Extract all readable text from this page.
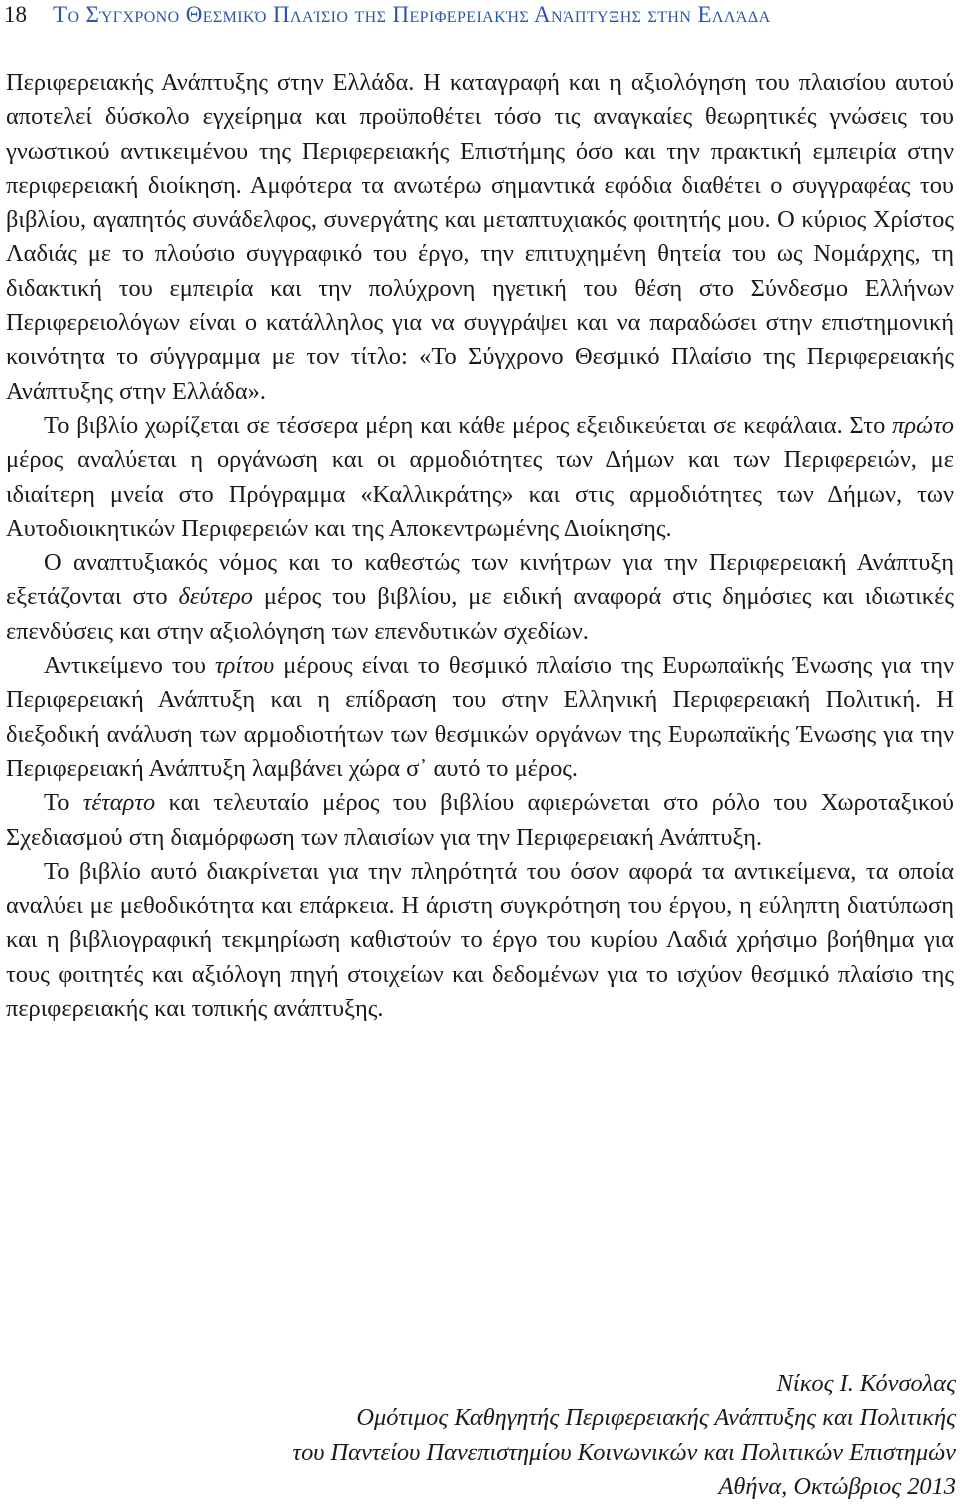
18 Το Σύγχρονο Θεσμικό Πλαίσιο της Περιφερειακής Ανάπτυξης στην Ελλάδα

Περιφερειακής Ανάπτυξης στην Ελλάδα. Η καταγραφή και η αξιολόγηση του πλαισίου αυτού αποτελεί δύσκολο εγχείρημα και προϋποθέτει τόσο τις αναγκαίες θεωρητικές γνώσεις του γνωστικού αντικειμένου της Περιφερειακής Επιστήμης όσο και την πρακτική εμπειρία στην περιφερειακή διοίκηση. Αμφότερα τα ανωτέρω σημαντικά εφόδια διαθέτει ο συγγραφέας του βιβλίου, αγαπητός συνάδελφος, συνεργάτης και μεταπτυχιακός φοιτητής μου. Ο κύριος Χρίστος Λαδιάς με το πλούσιο συγγραφικό του έργο, την επιτυχημένη θητεία του ως Νομάρχης, τη διδακτική του εμπειρία και την πολύχρονη ηγετική του θέση στο Σύνδεσμο Ελλήνων Περιφερειολόγων είναι ο κατάλληλος για να συγγράψει και να παραδώσει στην επιστημονική κοινότητα το σύγγραμμα με τον τίτλο: «Το Σύγχρονο Θεσμικό Πλαίσιο της Περιφερειακής Ανάπτυξης στην Ελλάδα».

Το βιβλίο χωρίζεται σε τέσσερα μέρη και κάθε μέρος εξειδικεύεται σε κεφάλαια. Στο πρώτο μέρος αναλύεται η οργάνωση και οι αρμοδιότητες των Δήμων και των Περιφερειών, με ιδιαίτερη μνεία στο Πρόγραμμα «Καλλικράτης» και στις αρμοδιότητες των Δήμων, των Αυτοδιοικητικών Περιφερειών και της Αποκεντρωμένης Διοίκησης.

Ο αναπτυξιακός νόμος και το καθεστώς των κινήτρων για την Περιφερειακή Ανάπτυξη εξετάζονται στο δεύτερο μέρος του βιβλίου, με ειδική αναφορά στις δημόσιες και ιδιωτικές επενδύσεις και στην αξιολόγηση των επενδυτικών σχεδίων.

Αντικείμενο του τρίτου μέρους είναι το θεσμικό πλαίσιο της Ευρωπαϊκής Ένωσης για την Περιφερειακή Ανάπτυξη και η επίδραση του στην Ελληνική Περιφερειακή Πολιτική. Η διεξοδική ανάλυση των αρμοδιοτήτων των θεσμικών οργάνων της Ευρωπαϊκής Ένωσης για την Περιφερειακή Ανάπτυξη λαμβάνει χώρα σ᾽ αυτό το μέρος.

Το τέταρτο και τελευταίο μέρος του βιβλίου αφιερώνεται στο ρόλο του Χωροταξικού Σχεδιασμού στη διαμόρφωση των πλαισίων για την Περιφερειακή Ανάπτυξη.

Το βιβλίο αυτό διακρίνεται για την πληρότητά του όσον αφορά τα αντικείμενα, τα οποία αναλύει με μεθοδικότητα και επάρκεια. Η άριστη συγκρότηση του έργου, η εύληπτη διατύπωση και η βιβλιογραφική τεκμηρίωση καθιστούν το έργο του κυρίου Λαδιά χρήσιμο βοήθημα για τους φοιτητές και αξιόλογη πηγή στοιχείων και δεδομένων για το ισχύον θεσμικό πλαίσιο της περιφερειακής και τοπικής ανάπτυξης.

Νίκος Ι. Κόνσολας
Ομότιμος Καθηγητής Περιφερειακής Ανάπτυξης και Πολιτικής
του Παντείου Πανεπιστημίου Κοινωνικών και Πολιτικών Επιστημών
Αθήνα, Οκτώβριος 2013
